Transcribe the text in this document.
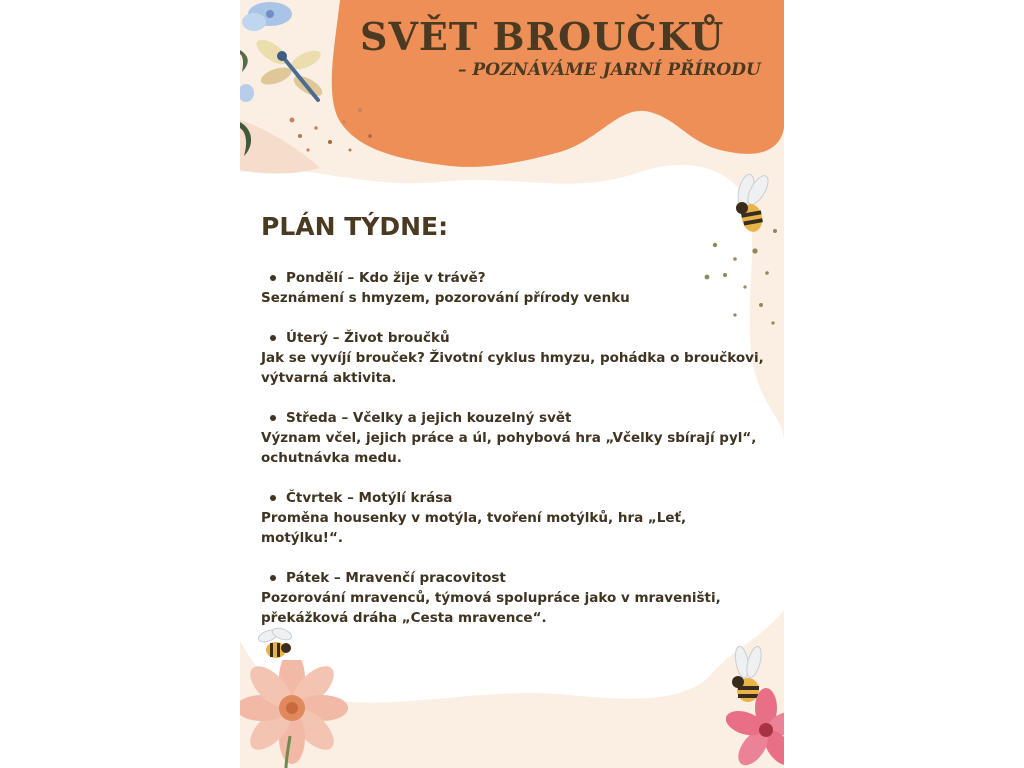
SVĚT BROUČKŮ
– POZNÁVÁME JARNÍ PŘÍRODU
PLÁN TÝDNE:
Pondělí – Kdo žije v trávě?
Seznámení s hmyzem, pozorování přírody venku
Úterý – Život broučků
Jak se vyvíjí brouček? Životní cyklus hmyzu, pohádka o broučkovi, výtvarná aktivita.
Středa – Včelky a jejich kouzelný svět
Význam včel, jejich práce a úl, pohybová hra „Včelky sbírají pyl“, ochutnávka medu.
Čtvrtek – Motýlí krása
Proměna housenky v motýla, tvoření motýlků, hra „Leť, motýlku!“.
Pátek – Mravenčí pracovitost
Pozorování mravenců, týmová spolupráce jako v mraveništi, překážková dráha „Cesta mravence“.
